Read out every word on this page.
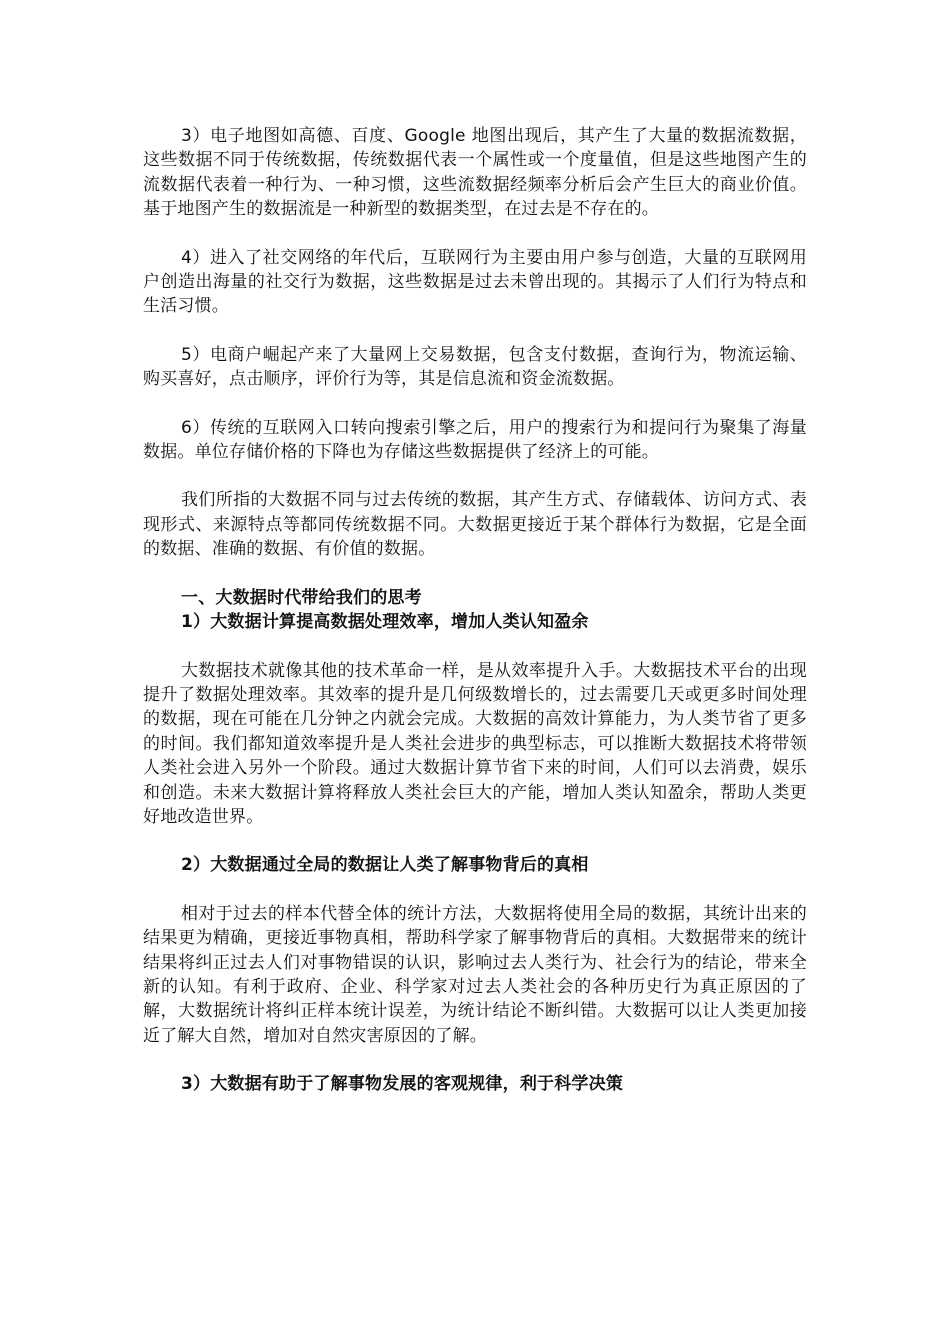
3）电子地图如高德、百度、Google 地图出现后，其产生了大量的数据流数据，这些数据不同于传统数据，传统数据代表一个属性或一个度量值，但是这些地图产生的流数据代表着一种行为、一种习惯，这些流数据经频率分析后会产生巨大的商业价值。基于地图产生的数据流是一种新型的数据类型，在过去是不存在的。

4）进入了社交网络的年代后，互联网行为主要由用户参与创造，大量的互联网用户创造出海量的社交行为数据，这些数据是过去未曾出现的。其揭示了人们行为特点和生活习惯。

5）电商户崛起产来了大量网上交易数据，包含支付数据，查询行为，物流运输、购买喜好，点击顺序，评价行为等，其是信息流和资金流数据。

6）传统的互联网入口转向搜索引擎之后，用户的搜索行为和提问行为聚集了海量数据。单位存储价格的下降也为存储这些数据提供了经济上的可能。

我们所指的大数据不同与过去传统的数据，其产生方式、存储载体、访问方式、表现形式、来源特点等都同传统数据不同。大数据更接近于某个群体行为数据，它是全面的数据、准确的数据、有价值的数据。

一、大数据时代带给我们的思考

1）大数据计算提高数据处理效率，增加人类认知盈余

大数据技术就像其他的技术革命一样，是从效率提升入手。大数据技术平台的出现提升了数据处理效率。其效率的提升是几何级数增长的，过去需要几天或更多时间处理的数据，现在可能在几分钟之内就会完成。大数据的高效计算能力，为人类节省了更多的时间。我们都知道效率提升是人类社会进步的典型标志，可以推断大数据技术将带领人类社会进入另外一个阶段。通过大数据计算节省下来的时间，人们可以去消费，娱乐和创造。未来大数据计算将释放人类社会巨大的产能，增加人类认知盈余，帮助人类更好地改造世界。

2）大数据通过全局的数据让人类了解事物背后的真相

相对于过去的样本代替全体的统计方法，大数据将使用全局的数据，其统计出来的结果更为精确，更接近事物真相，帮助科学家了解事物背后的真相。大数据带来的统计结果将纠正过去人们对事物错误的认识，影响过去人类行为、社会行为的结论，带来全新的认知。有利于政府、企业、科学家对过去人类社会的各种历史行为真正原因的了解，大数据统计将纠正样本统计误差，为统计结论不断纠错。大数据可以让人类更加接近了解大自然，增加对自然灾害原因的了解。

3）大数据有助于了解事物发展的客观规律，利于科学决策
